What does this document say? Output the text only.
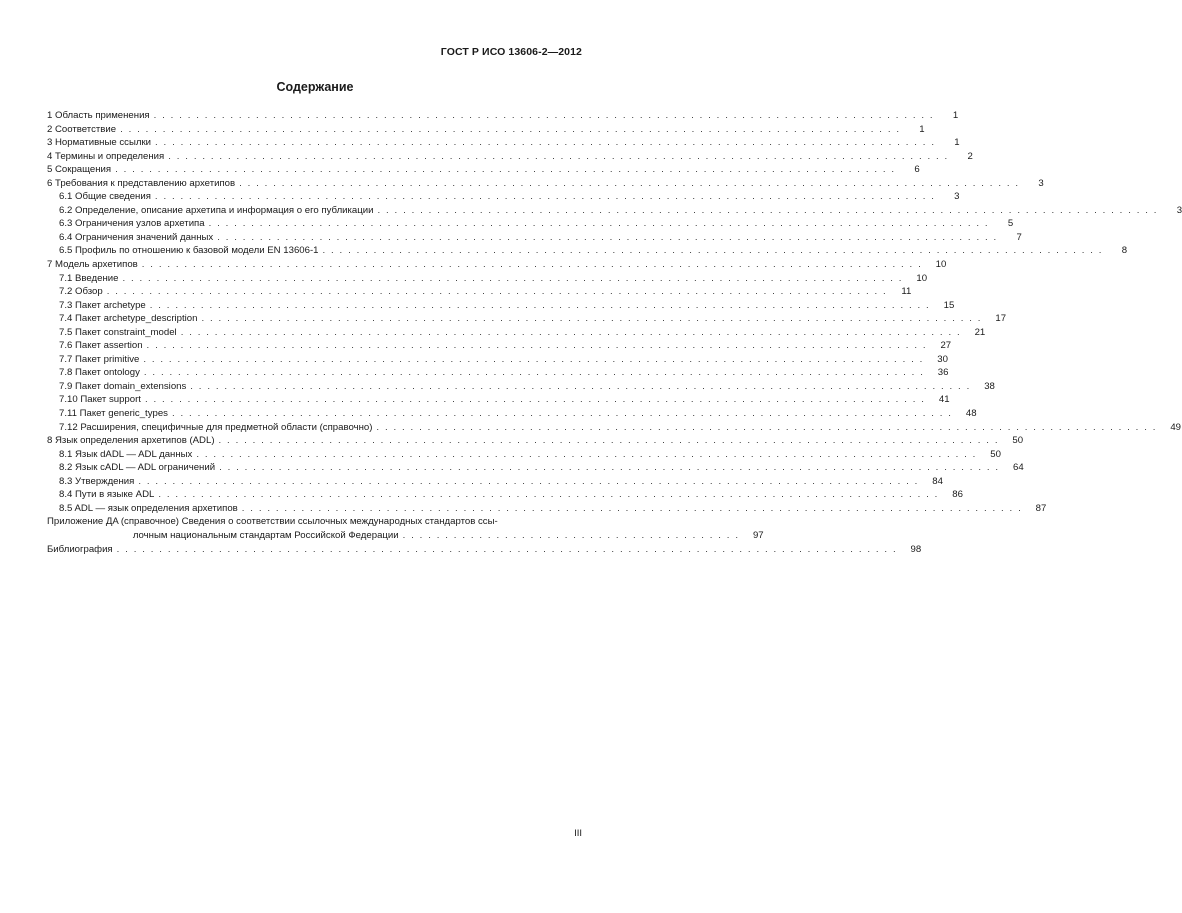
ГОСТ Р ИСО 13606-2—2012
Содержание
1 Область применения . . .	1
2 Соответствие . . .	1
3 Нормативные ссылки . . .	1
4 Термины и определения . . .	2
5 Сокращения . . .	6
6 Требования к представлению архетипов . . .	3
6.1 Общие сведения . . .	3
6.2 Определение, описание архетипа и информация о его публикации . . .	3
6.3 Ограничения узлов архетипа . . .	5
6.4 Ограничения значений данных . . .	7
6.5 Профиль по отношению к базовой модели EN 13606-1 . . .	8
7 Модель архетипов . . .	10
7.1 Введение . . .	10
7.2 Обзор . . .	11
7.3 Пакет archetype . . .	15
7.4 Пакет archetype_description . . .	17
7.5 Пакет constraint_model . . .	21
7.6 Пакет assertion . . .	27
7.7 Пакет primitive . . .	30
7.8 Пакет ontology . . .	36
7.9 Пакет domain_extensions . . .	38
7.10 Пакет support . . .	41
7.11 Пакет generic_types . . .	48
7.12 Расширения, специфичные для предметной области (справочно) . . .	49
8 Язык определения архетипов (ADL) . . .	50
8.1 Язык dADL — ADL данных . . .	50
8.2 Язык cADL — ADL ограничений . . .	64
8.3 Утверждения . . .	84
8.4 Пути в языке ADL . . .	86
8.5 ADL — язык определения архетипов . . .	87
Приложение ДА (справочное) Сведения о соответствии ссылочных международных стандартов ссы-
лочным национальным стандартам Российской Федерации . . .	97
Библиография . . .	98
III
